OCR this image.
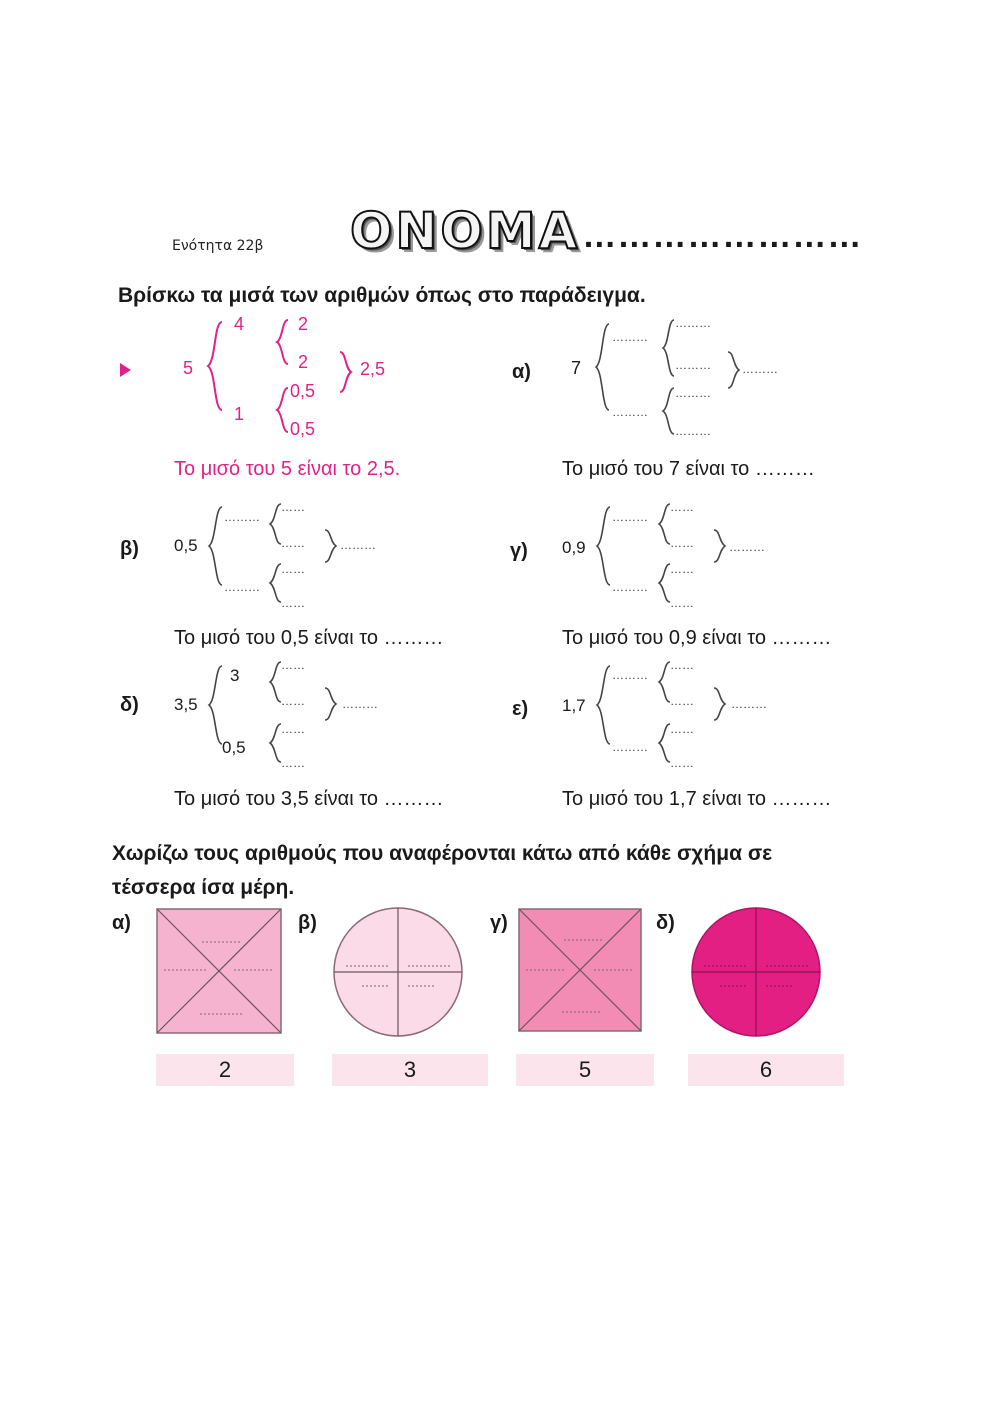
Ενότητα 22β ΟΝΟΜΑ ……………………
Βρίσκω τα μισά των αριθμών όπως στο παράδειγμα.
5
4
1
2
2
0,5
0,5
2,5
Το μισό του 5 είναι το 2,5.
α) 7
………
………
………
………
………
………
………
Το μισό του 7 είναι το ………
β) 0,5
………
………
……
……
……
……
………
Το μισό του 0,5 είναι το ………
γ) 0,9
………
………
……
……
……
……
………
Το μισό του 0,9 είναι το ………
δ) 3,5
3
0,5
……
……
……
……
………
Το μισό του 3,5 είναι το ………
ε) 1,7
………
………
……
……
……
……
………
Το μισό του 1,7 είναι το ………
Χωρίζω τους αριθμούς που αναφέρονται κάτω από κάθε σχήμα σε
τέσσερα ίσα μέρη.
α)
2
β)
3
γ)
5
δ)
6
